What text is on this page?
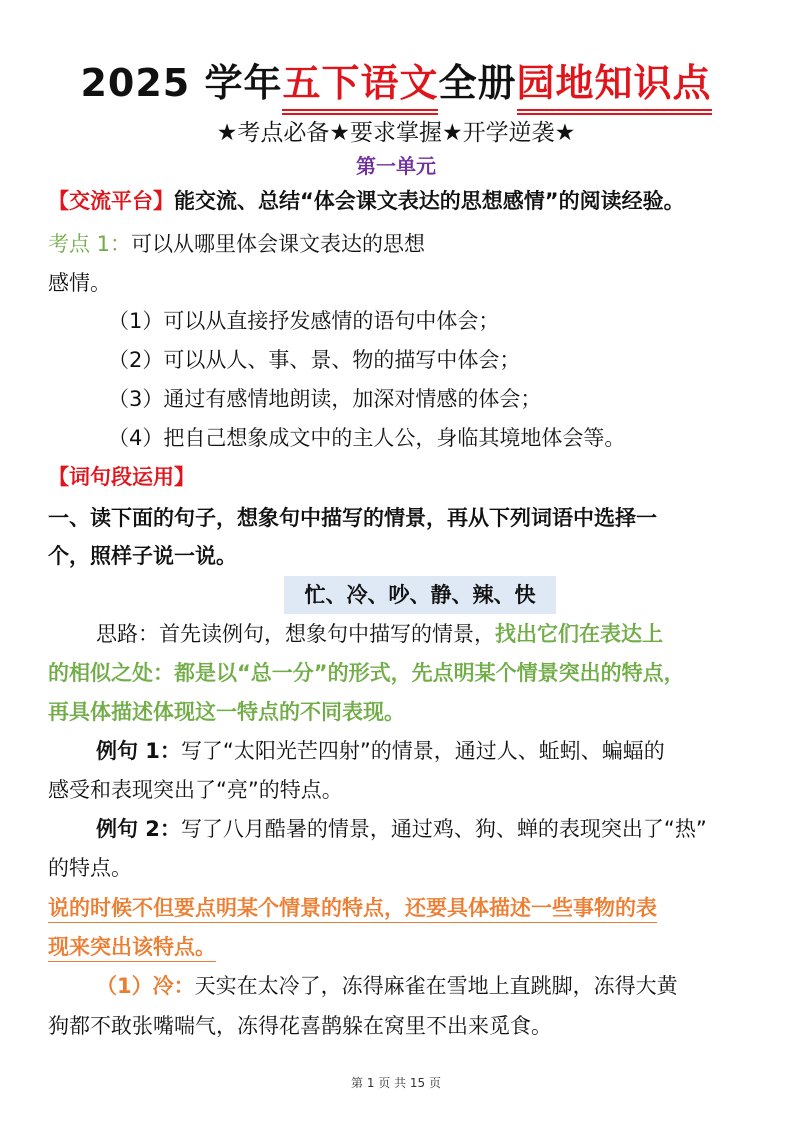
2025 学年五下语文全册园地知识点
★考点必备★要求掌握★开学逆袭★
第一单元
【交流平台】能交流、总结“体会课文表达的思想感情”的阅读经验。
考点 1：可以从哪里体会课文表达的思想
感情。
（1）可以从直接抒发感情的语句中体会；
（2）可以从人、事、景、物的描写中体会；
（3）通过有感情地朗读，加深对情感的体会；
（4）把自己想象成文中的主人公，身临其境地体会等。
【词句段运用】
一、读下面的句子，想象句中描写的情景，再从下列词语中选择一
个，照样子说一说。
忙、冷、吵、静、辣、快
思路：首先读例句，想象句中描写的情景，找出它们在表达上
的相似之处：都是以“总一分”的形式，先点明某个情景突出的特点，
再具体描述体现这一特点的不同表现。
例句 1：写了“太阳光芒四射”的情景，通过人、蚯蚓、蝙蝠的
感受和表现突出了“亮”的特点。
例句 2：写了八月酷暑的情景，通过鸡、狗、蝉的表现突出了“热”
的特点。
说的时候不但要点明某个情景的特点，还要具体描述一些事物的表
现来突出该特点。
（1）冷：天实在太冷了，冻得麻雀在雪地上直跳脚，冻得大黄
狗都不敢张嘴喘气，冻得花喜鹊躲在窝里不出来觅食。
第 1 页 共 15 页
